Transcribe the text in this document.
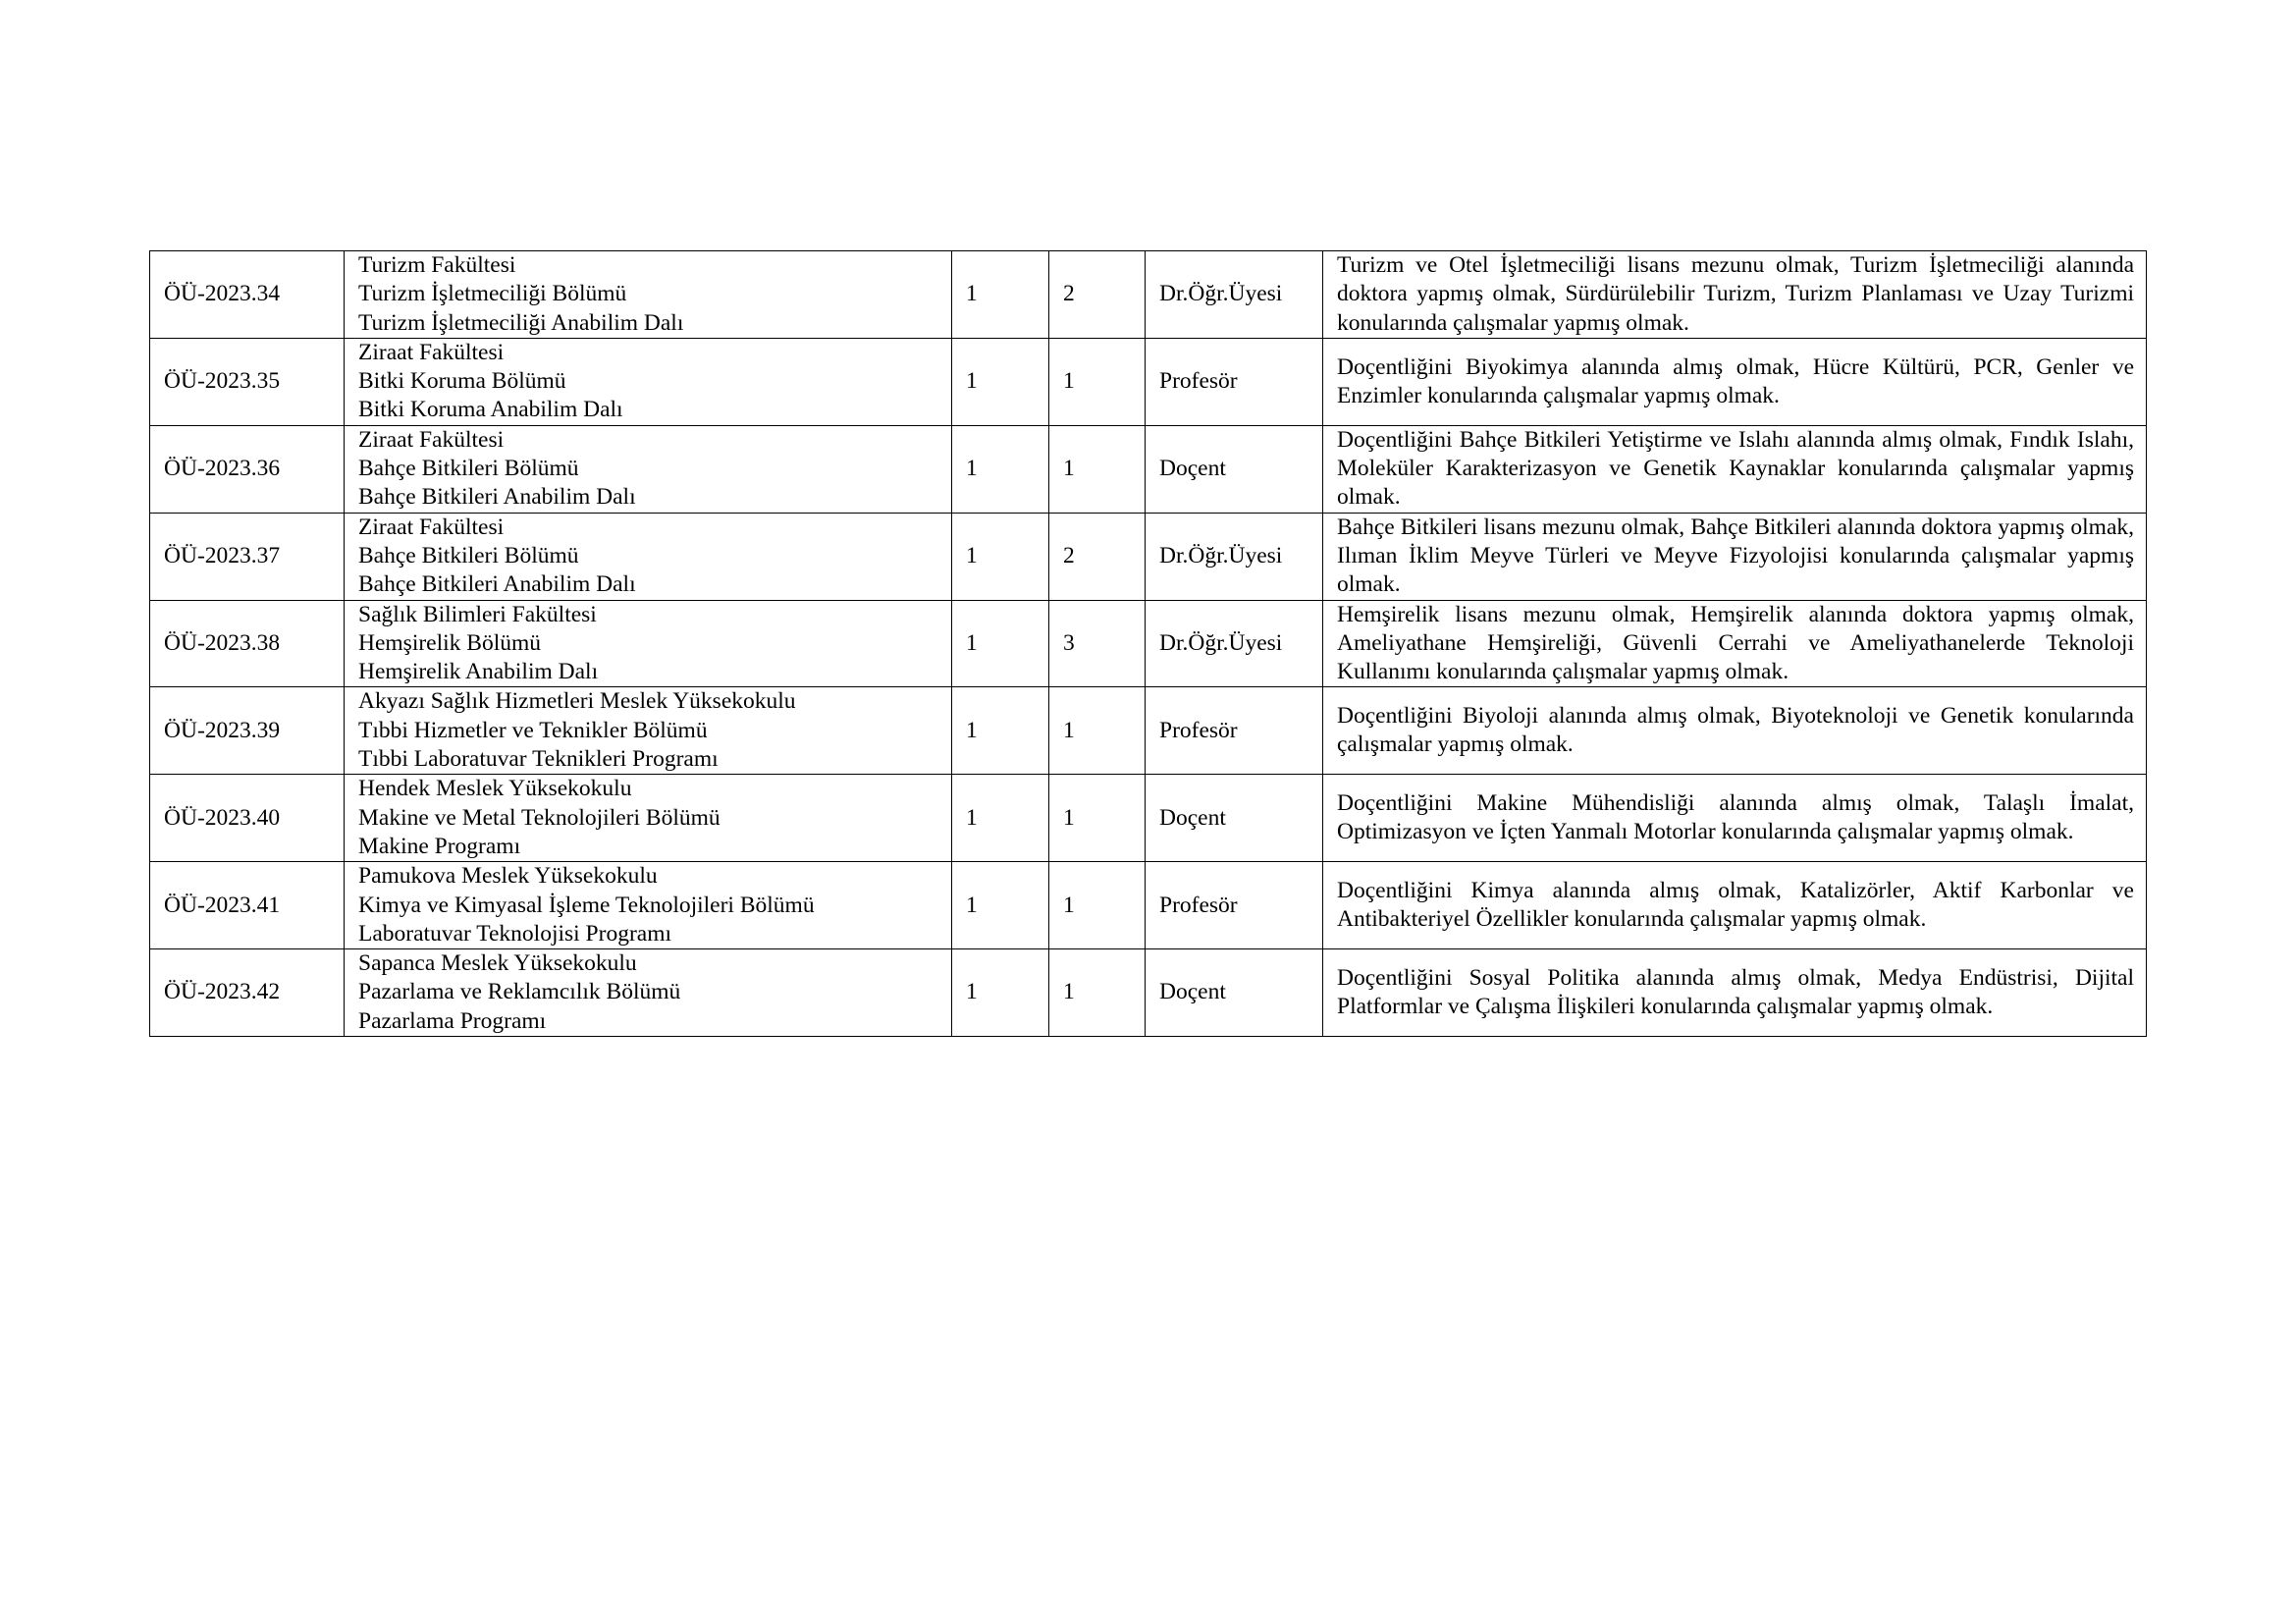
ÖÜ-2023.34	Turizm Fakültesi
Turizm İşletmeciliği Bölümü
Turizm İşletmeciliği Anabilim Dalı	1	2	Dr.Öğr.Üyesi	Turizm ve Otel İşletmeciliği lisans mezunu olmak, Turizm İşletmeciliği alanında doktora yapmış olmak, Sürdürülebilir Turizm, Turizm Planlaması ve Uzay Turizmi konularında çalışmalar yapmış olmak.
ÖÜ-2023.35	Ziraat Fakültesi
Bitki Koruma Bölümü
Bitki Koruma Anabilim Dalı	1	1	Profesör	Doçentliğini Biyokimya alanında almış olmak, Hücre Kültürü, PCR, Genler ve Enzimler konularında çalışmalar yapmış olmak.
ÖÜ-2023.36	Ziraat Fakültesi
Bahçe Bitkileri Bölümü
Bahçe Bitkileri Anabilim Dalı	1	1	Doçent	Doçentliğini Bahçe Bitkileri Yetiştirme ve Islahı alanında almış olmak, Fındık Islahı, Moleküler Karakterizasyon ve Genetik Kaynaklar konularında çalışmalar yapmış olmak.
ÖÜ-2023.37	Ziraat Fakültesi
Bahçe Bitkileri Bölümü
Bahçe Bitkileri Anabilim Dalı	1	2	Dr.Öğr.Üyesi	Bahçe Bitkileri lisans mezunu olmak, Bahçe Bitkileri alanında doktora yapmış olmak, Ilıman İklim Meyve Türleri ve Meyve Fizyolojisi konularında çalışmalar yapmış olmak.
ÖÜ-2023.38	Sağlık Bilimleri Fakültesi
Hemşirelik Bölümü
Hemşirelik Anabilim Dalı	1	3	Dr.Öğr.Üyesi	Hemşirelik lisans mezunu olmak, Hemşirelik alanında doktora yapmış olmak, Ameliyathane Hemşireliği, Güvenli Cerrahi ve Ameliyathanelerde Teknoloji Kullanımı konularında çalışmalar yapmış olmak.
ÖÜ-2023.39	Akyazı Sağlık Hizmetleri Meslek Yüksekokulu
Tıbbi Hizmetler ve Teknikler Bölümü
Tıbbi Laboratuvar Teknikleri Programı	1	1	Profesör	Doçentliğini Biyoloji alanında almış olmak, Biyoteknoloji ve Genetik konularında çalışmalar yapmış olmak.
ÖÜ-2023.40	Hendek Meslek Yüksekokulu
Makine ve Metal Teknolojileri Bölümü
Makine Programı	1	1	Doçent	Doçentliğini Makine Mühendisliği alanında almış olmak, Talaşlı İmalat, Optimizasyon ve İçten Yanmalı Motorlar konularında çalışmalar yapmış olmak.
ÖÜ-2023.41	Pamukova Meslek Yüksekokulu
Kimya ve Kimyasal İşleme Teknolojileri Bölümü
Laboratuvar Teknolojisi Programı	1	1	Profesör	Doçentliğini Kimya alanında almış olmak, Katalizörler, Aktif Karbonlar ve Antibakteriyel Özellikler konularında çalışmalar yapmış olmak.
ÖÜ-2023.42	Sapanca Meslek Yüksekokulu
Pazarlama ve Reklamcılık Bölümü
Pazarlama Programı	1	1	Doçent	Doçentliğini Sosyal Politika alanında almış olmak, Medya Endüstrisi, Dijital Platformlar ve Çalışma İlişkileri konularında çalışmalar yapmış olmak.
